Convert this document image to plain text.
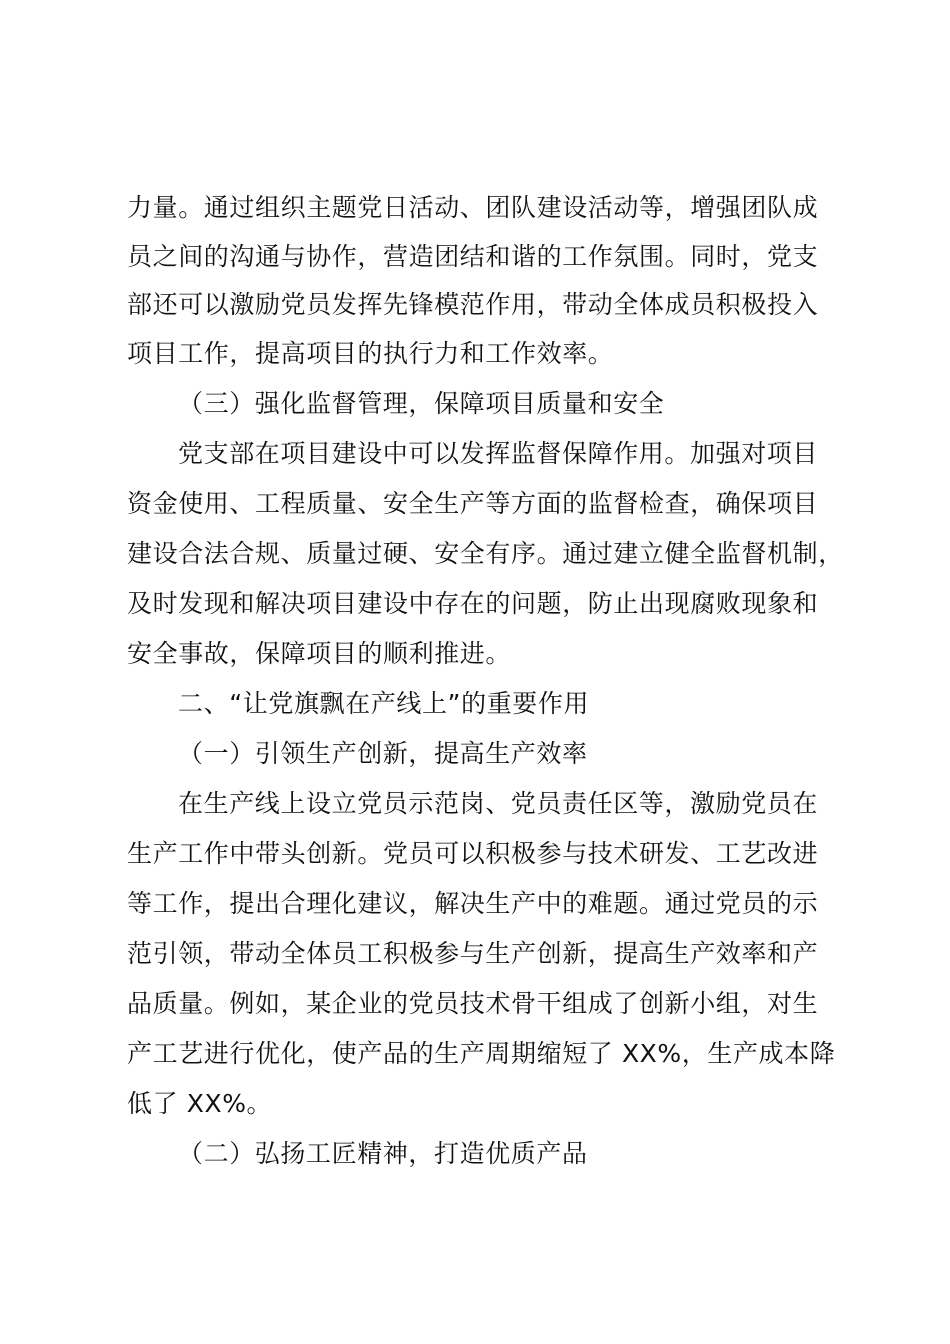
力量。通过组织主题党日活动、团队建设活动等，增强团队成
员之间的沟通与协作，营造团结和谐的工作氛围。同时，党支
部还可以激励党员发挥先锋模范作用，带动全体成员积极投入
项目工作，提高项目的执行力和工作效率。
（三）强化监督管理，保障项目质量和安全
党支部在项目建设中可以发挥监督保障作用。加强对项目
资金使用、工程质量、安全生产等方面的监督检查，确保项目
建设合法合规、质量过硬、安全有序。通过建立健全监督机制，
及时发现和解决项目建设中存在的问题，防止出现腐败现象和
安全事故，保障项目的顺利推进。
二、“让党旗飘在产线上”的重要作用
（一）引领生产创新，提高生产效率
在生产线上设立党员示范岗、党员责任区等，激励党员在
生产工作中带头创新。党员可以积极参与技术研发、工艺改进
等工作，提出合理化建议，解决生产中的难题。通过党员的示
范引领，带动全体员工积极参与生产创新，提高生产效率和产
品质量。例如，某企业的党员技术骨干组成了创新小组，对生
产工艺进行优化，使产品的生产周期缩短了 XX%，生产成本降
低了 XX%。
（二）弘扬工匠精神，打造优质产品
